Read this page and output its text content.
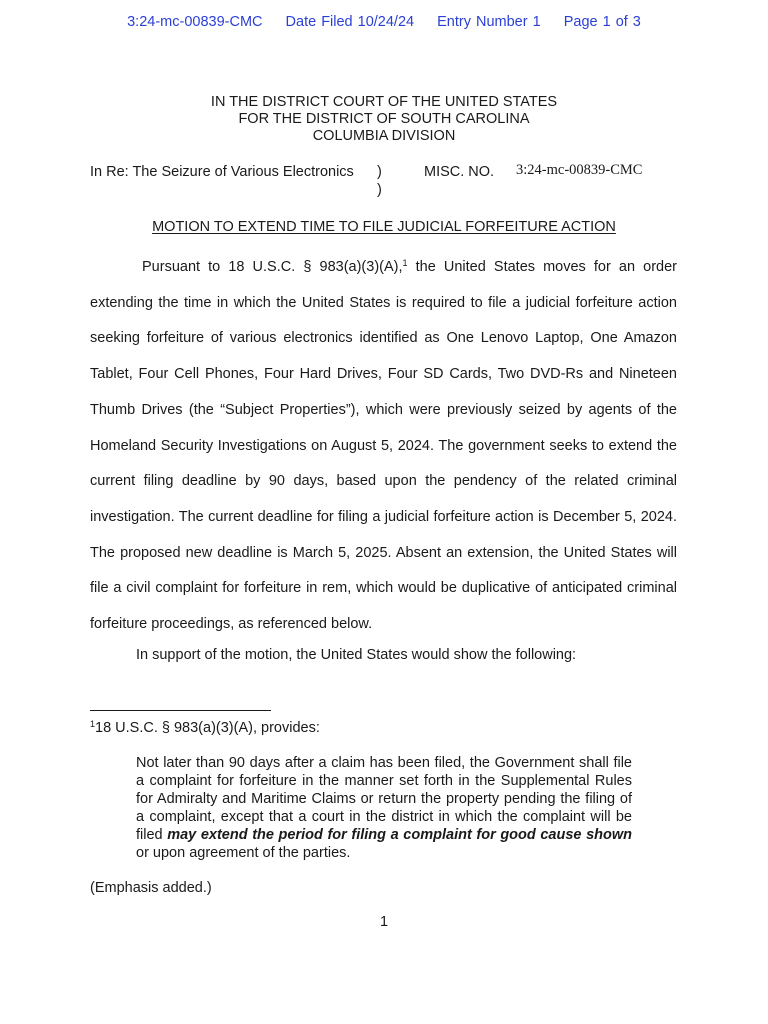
3:24-mc-00839-CMC Date Filed 10/24/24 Entry Number 1 Page 1 of 3
IN THE DISTRICT COURT OF THE UNITED STATES
FOR THE DISTRICT OF SOUTH CAROLINA
COLUMBIA DIVISION
In Re: The Seizure of Various Electronics )
)
MISC. NO. 3:24-mc-00839-CMC
MOTION TO EXTEND TIME TO FILE JUDICIAL FORFEITURE ACTION

Pursuant to 18 U.S.C. § 983(a)(3)(A),$^1$ the United States moves for an order extending the time in which the United States is required to file a judicial forfeiture action seeking forfeiture of various electronics identified as One Lenovo Laptop, One Amazon Tablet, Four Cell Phones, Four Hard Drives, Four SD Cards, Two DVD-Rs and Nineteen Thumb Drives (the “Subject Properties”), which were previously seized by agents of the Homeland Security Investigations on August 5, 2024. The government seeks to extend the current filing deadline by 90 days, based upon the pendency of the related criminal investigation. The current deadline for filing a judicial forfeiture action is December 5, 2024. The proposed new deadline is March 5, 2025. Absent an extension, the United States will file a civil complaint for forfeiture in rem, which would be duplicative of anticipated criminal forfeiture proceedings, as referenced below.

In support of the motion, the United States would show the following:
$^1$18 U.S.C. § 983(a)(3)(A), provides:
Not later than 90 days after a claim has been filed, the Government shall file a complaint for forfeiture in the manner set forth in the Supplemental Rules for Admiralty and Maritime Claims or return the property pending the filing of a complaint, except that a court in the district in which the complaint will be filed may extend the period for filing a complaint for good cause shown or upon agreement of the parties.
(Emphasis added.)
1
